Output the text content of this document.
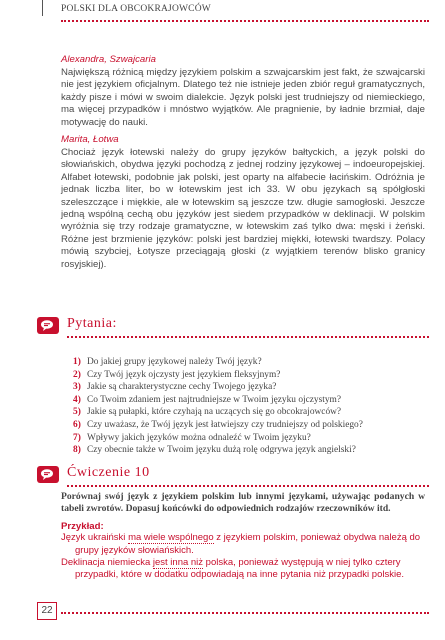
POLSKI DLA OBCOKRAJOWCÓW

Alexandra, Szwajcaria

Największą różnicą między językiem polskim a szwajcarskim jest fakt, że szwajcarski nie jest językiem oficjalnym. Dlatego też nie istnieje jeden zbiór reguł gramatycznych, każdy pisze i mówi w swoim dialekcie. Język polski jest trudniejszy od niemieckiego, ma więcej przypadków i mnóstwo wyjątków. Ale pragnienie, by ładnie brzmiał, daje motywację do nauki.

Marita, Łotwa

Chociaż język łotewski należy do grupy języków bałtyckich, a język polski do słowiańskich, obydwa języki pochodzą z jednej rodziny językowej – indoeuropejskiej. Alfabet łotewski, podobnie jak polski, jest oparty na alfabecie łacińskim. Odróżnia je jednak liczba liter, bo w łotewskim jest ich 33. W obu językach są spółgłoski szeleszczące i miękkie, ale w łotewskim są jeszcze tzw. długie samogłoski. Jeszcze jedną wspólną cechą obu języków jest siedem przypadków w deklinacji. W polskim wyróżnia się trzy rodzaje gramatyczne, w łotewskim zaś tylko dwa: męski i żeński. Różne jest brzmienie języków: polski jest bardziej miękki, łotewski twardszy. Polacy mówią szybciej, Łotysze przeciągają głoski (z wyjątkiem terenów blisko granicy rosyjskiej).

Pytania:
1) Do jakiej grupy językowej należy Twój język?
2) Czy Twój język ojczysty jest językiem fleksyjnym?
3) Jakie są charakterystyczne cechy Twojego języka?
4) Co Twoim zdaniem jest najtrudniejsze w Twoim języku ojczystym?
5) Jakie są pułapki, które czyhają na uczących się go obcokrajowców?
6) Czy uważasz, że Twój język jest łatwiejszy czy trudniejszy od polskiego?
7) Wpływy jakich języków można odnaleźć w Twoim języku?
8) Czy obecnie także w Twoim języku dużą rolę odgrywa język angielski?
Ćwiczenie 10

Porównaj swój język z językiem polskim lub innymi językami, używając podanych w tabeli zwrotów. Dopasuj końcówki do odpowiednich rodzajów rzeczowników itd.

Przykład:

Język ukraiński ma wiele wspólnego z językiem polskim, ponieważ obydwa należą do grupy języków słowiańskich.

Deklinacja niemiecka jest inna niż polska, ponieważ występują w niej tylko cztery przypadki, które w dodatku odpowiadają na inne pytania niż przypadki polskie.

22
